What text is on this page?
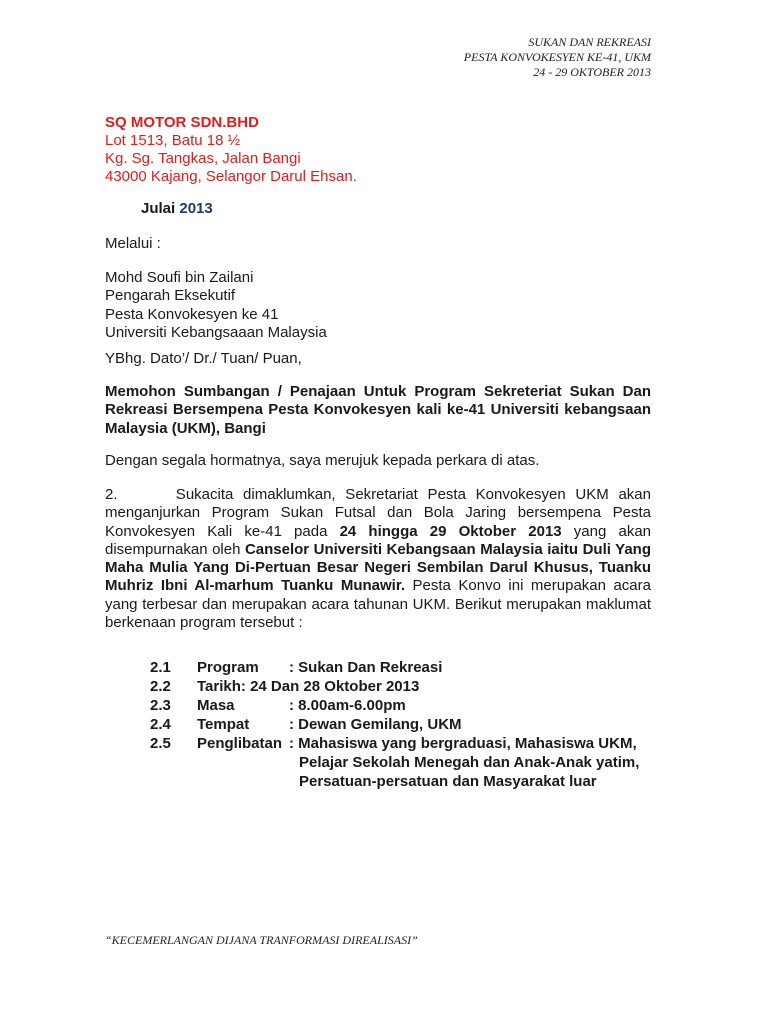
SUKAN DAN REKREASI
PESTA KONVOKESYEN KE-41, UKM
24 - 29 OKTOBER 2013
SQ MOTOR SDN.BHD
Lot 1513, Batu 18 ½
Kg. Sg. Tangkas, Jalan Bangi
43000 Kajang, Selangor Darul Ehsan.
Julai 2013
Melalui :
Mohd Soufi bin Zailani
Pengarah Eksekutif
Pesta Konvokesyen ke 41
Universiti Kebangsaaan Malaysia
YBhg. Dato’/ Dr./ Tuan/ Puan,
Memohon Sumbangan / Penajaan Untuk Program Sekreteriat Sukan Dan Rekreasi Bersempena Pesta Konvokesyen kali ke-41 Universiti kebangsaan Malaysia (UKM), Bangi
Dengan segala hormatnya, saya merujuk kepada perkara di atas.
2.      Sukacita dimaklumkan, Sekretariat Pesta Konvokesyen UKM akan menganjurkan Program Sukan Futsal dan Bola Jaring bersempena Pesta Konvokesyen Kali ke-41 pada 24 hingga 29 Oktober 2013 yang akan disempurnakan oleh Canselor Universiti Kebangsaan Malaysia iaitu Duli Yang Maha Mulia Yang Di-Pertuan Besar Negeri Sembilan Darul Khusus, Tuanku Muhriz Ibni Al-marhum Tuanku Munawir. Pesta Konvo ini merupakan acara yang terbesar dan merupakan acara tahunan UKM. Berikut merupakan maklumat berkenaan program tersebut :
2.1	Program	: Sukan Dan Rekreasi
2.2	Tarikh: 24 Dan 28 Oktober 2013
2.3	Masa	: 8.00am-6.00pm
2.4	Tempat	: Dewan Gemilang, UKM
2.5	Penglibatan : Mahasiswa yang bergraduasi, Mahasiswa UKM,
Pelajar Sekolah Menegah dan Anak-Anak yatim,
Persatuan-persatuan dan Masyarakat luar
“KECEMERLANGAN DIJANA TRANFORMASI DIREALISASI”
